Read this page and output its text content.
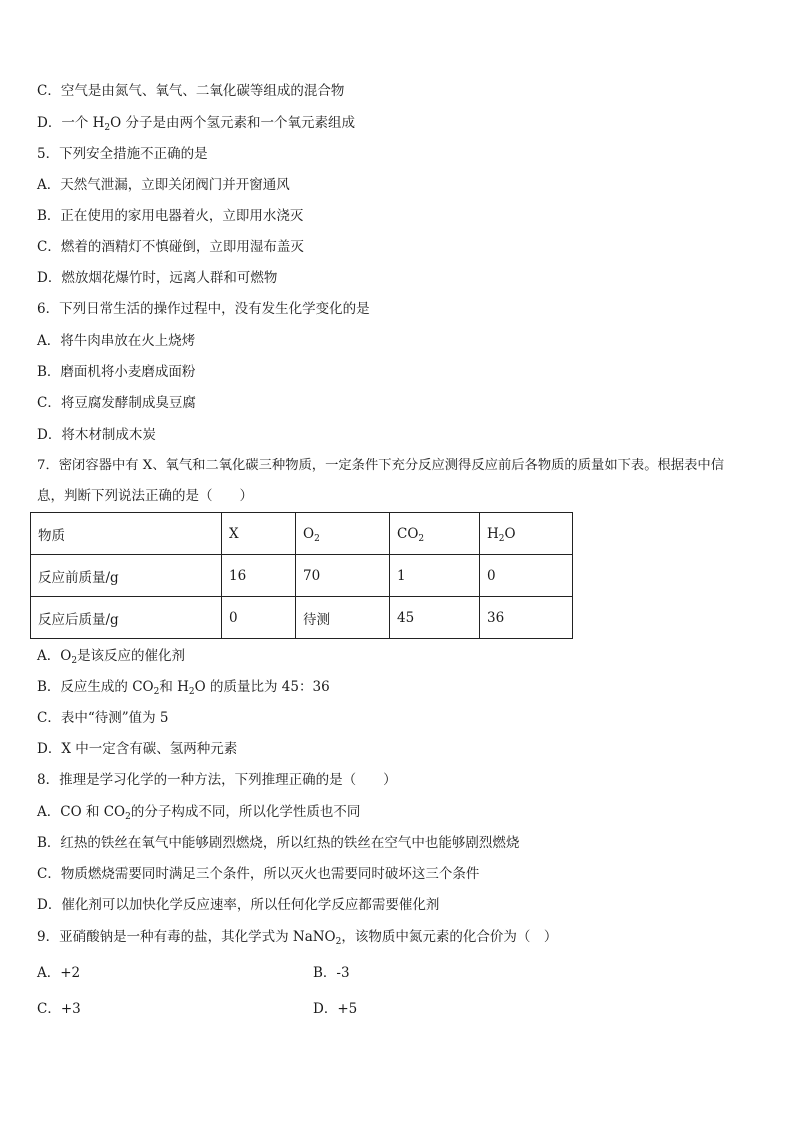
C．空气是由氮气、氧气、二氧化碳等组成的混合物
D．一个 $H_2O$ 分子是由两个氢元素和一个氧元素组成
5．下列安全措施不正确的是
A．天然气泄漏，立即关闭阀门并开窗通风
B．正在使用的家用电器着火，立即用水浇灭
C．燃着的酒精灯不慎碰倒，立即用湿布盖灭
D．燃放烟花爆竹时，远离人群和可燃物
6．下列日常生活的操作过程中，没有发生化学变化的是
A．将牛肉串放在火上烧烤
B．磨面机将小麦磨成面粉
C．将豆腐发酵制成臭豆腐
D．将木材制成木炭
7．密闭容器中有 X、氧气和二氧化碳三种物质，一定条件下充分反应测得反应前后各物质的质量如下表。根据表中信
息，判断下列说法正确的是（　　）
物质	X	$O_2$	$CO_2$	$H_2O$
反应前质量/g	16	70	1	0
反应后质量/g	0	待测	45	36
A．$O_2$是该反应的催化剂
B．反应生成的 $CO_2$和 $H_2O$ 的质量比为 45：36
C．表中“待测”值为 5
D．X 中一定含有碳、氢两种元素
8．推理是学习化学的一种方法，下列推理正确的是（　　）
A．CO 和 $CO_2$的分子构成不同，所以化学性质也不同
B．红热的铁丝在氧气中能够剧烈燃烧，所以红热的铁丝在空气中也能够剧烈燃烧
C．物质燃烧需要同时满足三个条件，所以灭火也需要同时破坏这三个条件
D．催化剂可以加快化学反应速率，所以任何化学反应都需要催化剂
9．亚硝酸钠是一种有毒的盐，其化学式为 NaNO$_2$，该物质中氮元素的化合价为（　）
A．+2	B．-3
C．+3	D．+5
